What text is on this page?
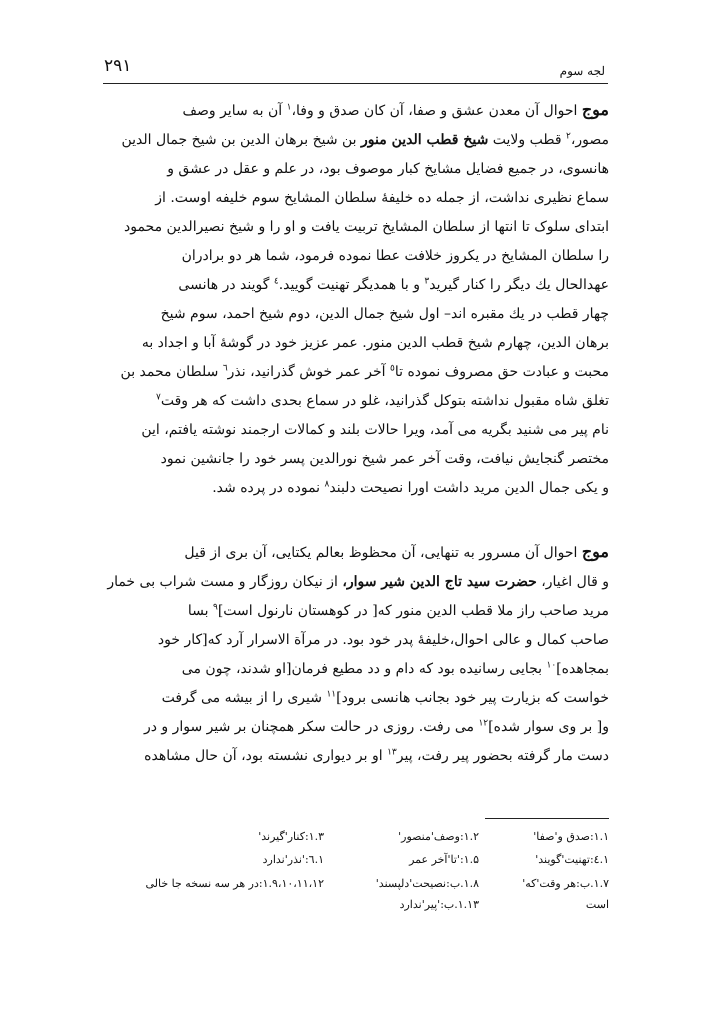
۲۹۱	لجه سوم
موج احوال آن معدن عشق و صفا، آن کان صدق و وفا،$^١$ آن به سایر وصف
مصور،$^٢$ قطب ولایت شیخ قطب الدین منور بن شیخ برهان الدین بن شیخ جمال الدین
هانسوی، در جمیع فضایل مشایخ کبار موصوف بود، در علم و عقل در عشق و
سماع نظیری نداشت، از جمله ده خلیفهٔ سلطان المشایخ سوم خلیفه اوست. از
ابتدای سلوک تا انتها از سلطان المشایخ تربیت یافت و او را و شیخ نصیرالدین محمود
را سلطان المشایخ در یکروز خلافت عطا نموده فرمود، شما هر دو برادران
عهدالحال یك دیگر را کنار گیرید$^٣$ و با همدیگر تهنیت گویید.$^٤$ گویند در هانسی
چهار قطب در یك مقبره اند– اول شیخ جمال الدین، دوم شیخ احمد، سوم شیخ
برهان الدین، چهارم شیخ قطب الدین منور. عمر عزیز خود در گوشهٔ آبا و اجداد به
محبت و عبادت حق مصروف نموده تا$^٥$ آخر عمر خوش گذرانید، نذر$^٦$ سلطان محمد بن
تغلق شاه مقبول نداشته بتوکل گذرانید، غلو در سماع بحدی داشت که هر وقت$^٧$
نام پیر می شنید بگریه می آمد، ویرا حالات بلند و کمالات ارجمند نوشته یافتم، این
مختصر گنجایش نیافت، وقت آخر عمر شیخ نورالدین پسر خود را جانشین نمود
و یکی جمال الدین مرید داشت اورا نصیحت دلبند$^٨$ نموده در پرده شد.
موج احوال آن مسرور به تنهایی، آن محظوظ بعالم یکتایی، آن بری از قیل
و قال اغیار، حضرت سید تاج الدین شیر سوار، از نیکان روزگار و مست شراب بی خمار
مرید صاحب راز ملا قطب الدین منور که[ در کوهستان نارنول است]$^٩$ بسا
صاحب کمال و عالی احوال،خلیفهٔ پدر خود بود. در مرآة الاسرار آرد که[کار خود
بمجاهده]$^{١٠}$ بجایی رسانیده بود که دام و دد مطیع فرمان[او شدند، چون می
خواست که بزیارت پیر خود بجانب هانسی برود]$^{١١}$ شیری را از بیشه می گرفت
و[ بر وی سوار شده]$^{١٢}$ می رفت. روزی در حالت سکر همچنان بر شیر سوار و در
دست مار گرفته بحضور پیر رفت، پیر$^{١٣}$ او بر دیواری نشسته بود، آن حال مشاهده
۱.۱:صدق و'صفا'
۱.۲:وصف'منصور'
۱.۳:کنار'گیرند'
۱.٤:تهنیت'گویند'
۱.۵:'تا'آخر عمر
۱.٦:'نذر'ندارد
۱.۷.ب:هر وقت'که'
۱.۸.ب:نصیحت'دلپسند'
۱.۹،۱۰،۱۱،۱۲:در هر سه نسخه جا خالی
است
۱.۱۳.ب:'پیر'ندارد
